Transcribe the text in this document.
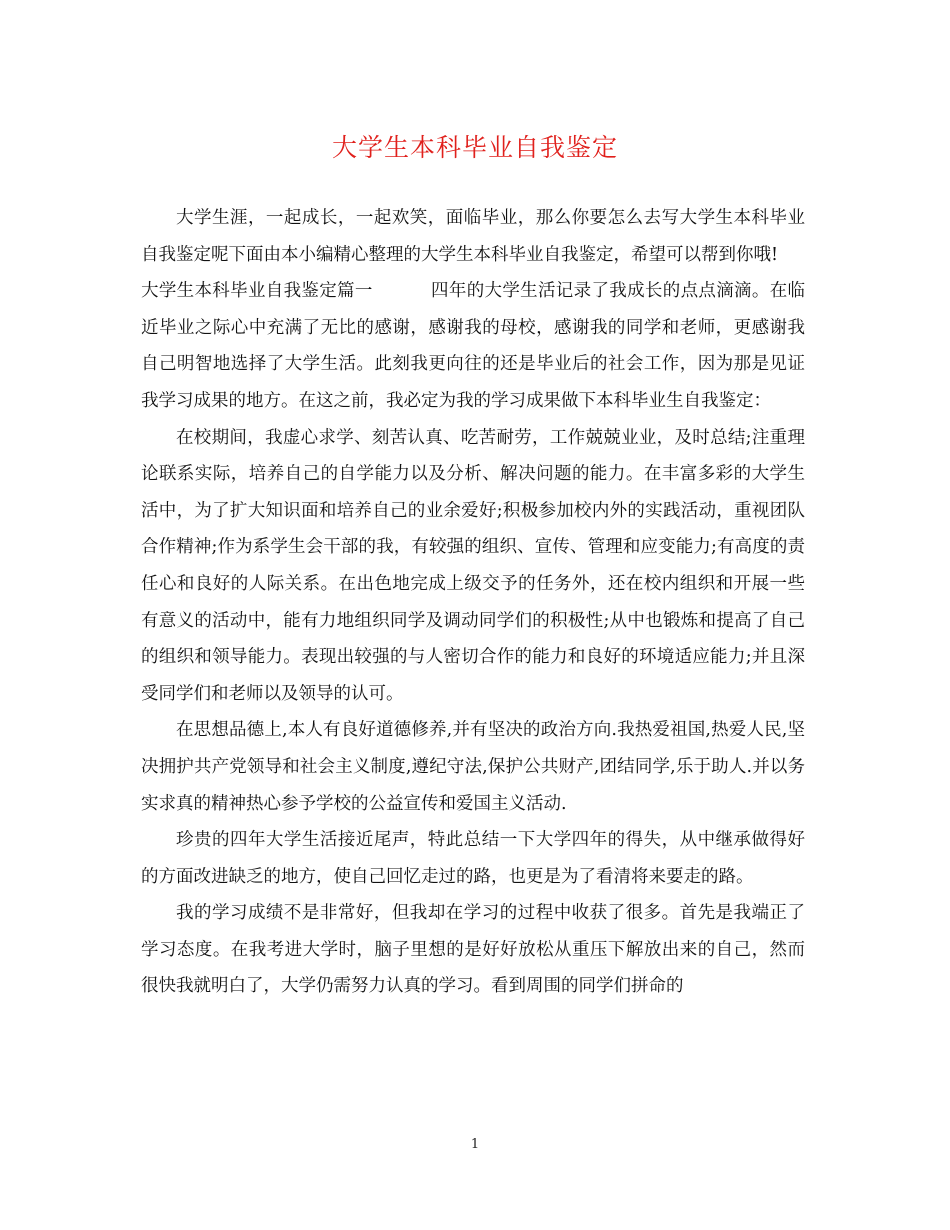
大学生本科毕业自我鉴定

大学生涯，一起成长，一起欢笑，面临毕业，那么你要怎么去写大学生本科毕业自我鉴定呢下面由本小编精心整理的大学生本科毕业自我鉴定，希望可以帮到你哦!

大学生本科毕业自我鉴定篇一	四年的大学生活记录了我成长的点点滴滴。在临近毕业之际心中充满了无比的感谢，感谢我的母校，感谢我的同学和老师，更感谢我自己明智地选择了大学生活。此刻我更向往的还是毕业后的社会工作，因为那是见证我学习成果的地方。在这之前，我必定为我的学习成果做下本科毕业生自我鉴定：

在校期间，我虚心求学、刻苦认真、吃苦耐劳，工作兢兢业业，及时总结;注重理论联系实际，培养自己的自学能力以及分析、解决问题的能力。在丰富多彩的大学生活中，为了扩大知识面和培养自己的业余爱好;积极参加校内外的实践活动，重视团队合作精神;作为系学生会干部的我，有较强的组织、宣传、管理和应变能力;有高度的责任心和良好的人际关系。在出色地完成上级交予的任务外，还在校内组织和开展一些有意义的活动中，能有力地组织同学及调动同学们的积极性;从中也锻炼和提高了自己的组织和领导能力。表现出较强的与人密切合作的能力和良好的环境适应能力;并且深受同学们和老师以及领导的认可。

在思想品德上,本人有良好道德修养,并有坚决的政治方向.我热爱祖国,热爱人民,坚决拥护共产党领导和社会主义制度,遵纪守法,保护公共财产,团结同学,乐于助人.并以务实求真的精神热心参予学校的公益宣传和爱国主义活动.

珍贵的四年大学生活接近尾声，特此总结一下大学四年的得失，从中继承做得好的方面改进缺乏的地方，使自己回忆走过的路，也更是为了看清将来要走的路。

我的学习成绩不是非常好，但我却在学习的过程中收获了很多。首先是我端正了学习态度。在我考进大学时，脑子里想的是好好放松从重压下解放出来的自己，然而很快我就明白了，大学仍需努力认真的学习。看到周围的同学们拼命的

1
